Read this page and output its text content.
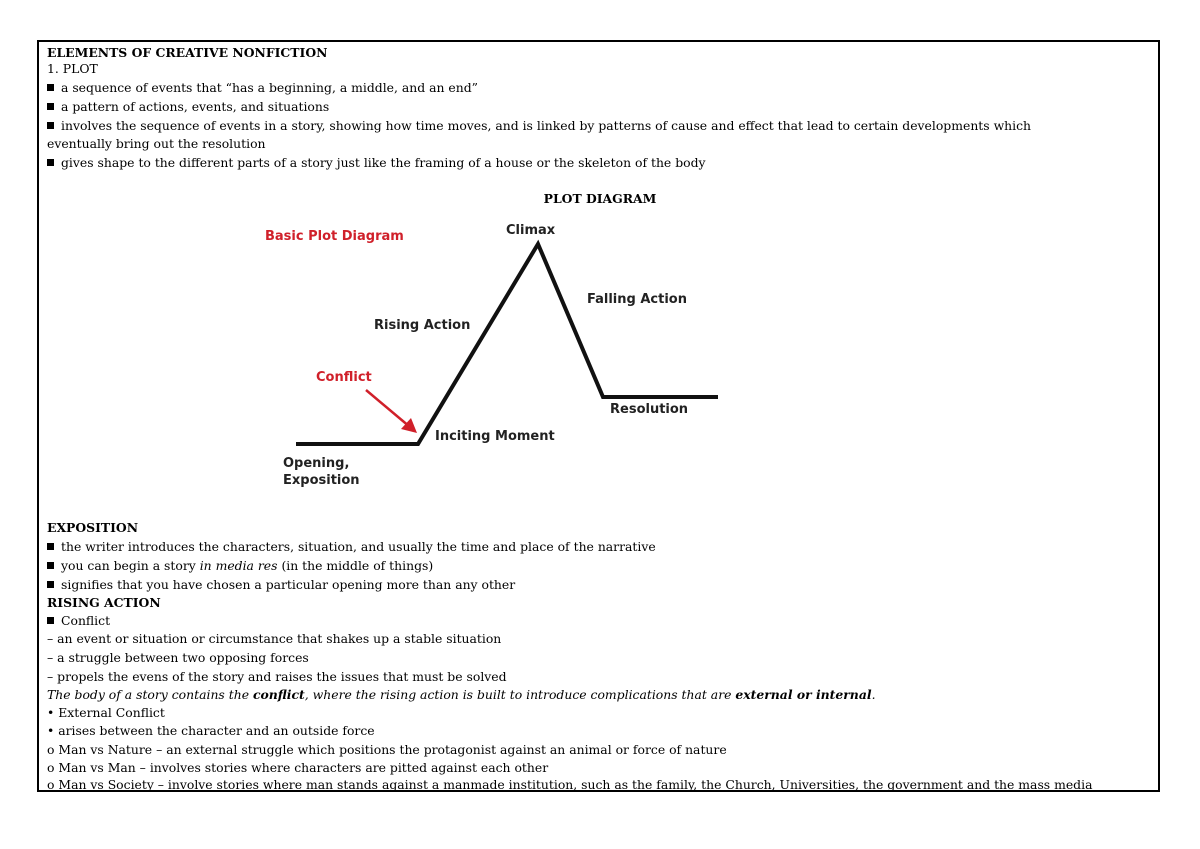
ELEMENTS OF CREATIVE NONFICTION
1. PLOT
a sequence of events that “has a beginning, a middle, and an end”
a pattern of actions, events, and situations
involves the sequence of events in a story, showing how time moves, and is linked by patterns of cause and effect that lead to certain developments which
eventually bring out the resolution
gives shape to the different parts of a story just like the framing of a house or the skeleton of the body
PLOT DIAGRAM
Basic Plot Diagram	Climax
Falling Action
Rising Action
Conflict
Resolution
Inciting Moment
Opening,
Exposition
EXPOSITION
the writer introduces the characters, situation, and usually the time and place of the narrative
you can begin a story in media res (in the middle of things)
signifies that you have chosen a particular opening more than any other
RISING ACTION
Conflict
– an event or situation or circumstance that shakes up a stable situation
– a struggle between two opposing forces
– propels the evens of the story and raises the issues that must be solved
The body of a story contains the conflict, where the rising action is built to introduce complications that are external or internal.
• External Conflict
• arises between the character and an outside force
o Man vs Nature – an external struggle which positions the protagonist against an animal or force of nature
o Man vs Man – involves stories where characters are pitted against each other
o Man vs Society – involve stories where man stands against a manmade institution, such as the family, the Church, Universities, the government and the mass media
